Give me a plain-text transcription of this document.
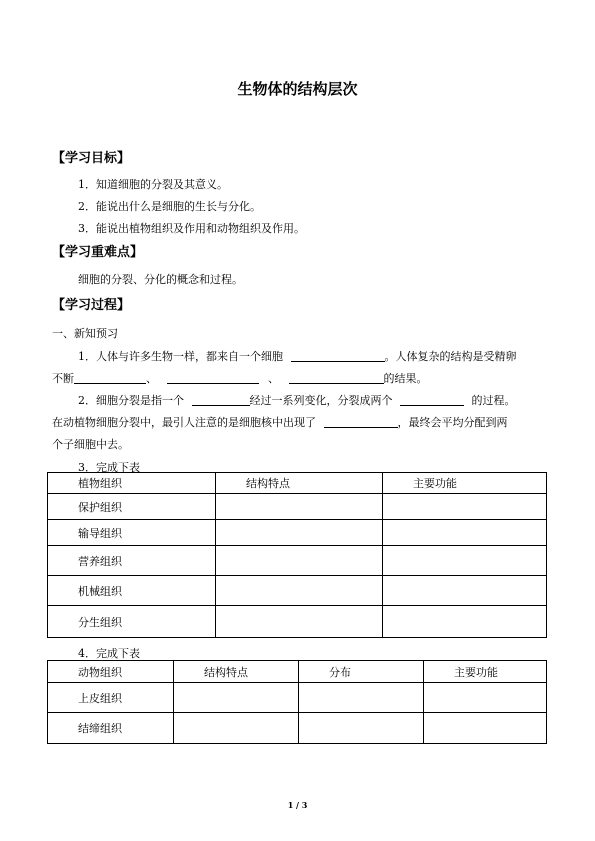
生物体的结构层次
【学习目标】
1．知道细胞的分裂及其意义。
2．能说出什么是细胞的生长与分化。
3．能说出植物组织及作用和动物组织及作用。
【学习重难点】
细胞的分裂、分化的概念和过程。
【学习过程】
一、新知预习
1．人体与许多生物一样，都来自一个细胞	。人体复杂的结构是受精卵
不断	、	、	的结果。
2．细胞分裂是指一个	经过一系列变化，分裂成两个	的过程。
在动植物细胞分裂中，最引人注意的是细胞核中出现了	，最终会平均分配到两
个子细胞中去。
3．完成下表
植物组织	结构特点	主要功能
保护组织		
输导组织		
营养组织		
机械组织		
分生组织		
4．完成下表
动物组织	结构特点	分布	主要功能
上皮组织			
结缔组织			
1 / 3
